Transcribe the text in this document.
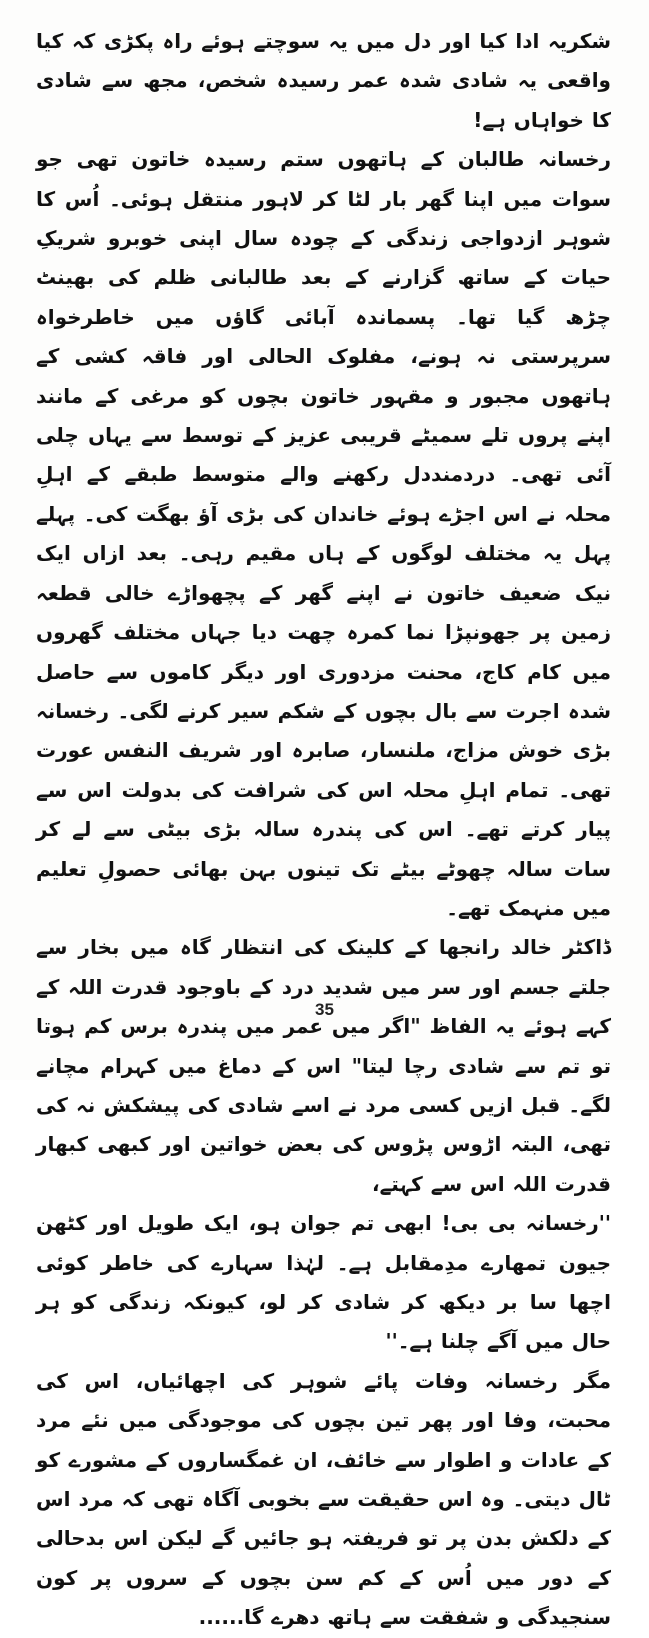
شکریہ ادا کیا اور دل میں یہ سوچتے ہوئے راہ پکڑی کہ کیا واقعی یہ شادی شدہ عمر رسیدہ شخص، مجھ سے شادی کا خواہاں ہے!

رخسانہ طالبان کے ہاتھوں ستم رسیدہ خاتون تھی جو سوات میں اپنا گھر بار لٹا کر لاہور منتقل ہوئی۔ اُس کا شوہر ازدواجی زندگی کے چودہ سال اپنی خوبرو شریکِ حیات کے ساتھ گزارنے کے بعد طالبانی ظلم کی بھینٹ چڑھ گیا تھا۔ پسماندہ آبائی گاؤں میں خاطرخواہ سرپرستی نہ ہونے، مفلوک الحالی اور فاقہ کشی کے ہاتھوں مجبور و مقہور خاتون بچوں کو مرغی کے مانند اپنے پروں تلے سمیٹے قریبی عزیز کے توسط سے یہاں چلی آئی تھی۔ دردمنددل رکھنے والے متوسط طبقے کے اہلِ محلہ نے اس اجڑے ہوئے خاندان کی بڑی آؤ بھگت کی۔ پہلے پہل یہ مختلف لوگوں کے ہاں مقیم رہی۔ بعد ازاں ایک نیک ضعیف خاتون نے اپنے گھر کے پچھواڑے خالی قطعہ زمین پر جھونپڑا نما کمرہ چھت دیا جہاں مختلف گھروں میں کام کاج، محنت مزدوری اور دیگر کاموں سے حاصل شدہ اجرت سے بال بچوں کے شکم سیر کرنے لگی۔ رخسانہ بڑی خوش مزاج، ملنسار، صابرہ اور شریف النفس عورت تھی۔ تمام اہلِ محلہ اس کی شرافت کی بدولت اس سے پیار کرتے تھے۔ اس کی پندرہ سالہ بڑی بیٹی سے لے کر سات سالہ چھوٹے بیٹے تک تینوں بہن بھائی حصولِ تعلیم میں منہمک تھے۔

ڈاکٹر خالد رانجھا کے کلینک کی انتظار گاہ میں بخار سے جلتے جسم اور سر میں شدید درد کے باوجود قدرت اللہ کے کہے ہوئے یہ الفاظ "اگر میں عمر میں پندرہ برس کم ہوتا تو تم سے شادی رچا لیتا" اس کے دماغ میں کہرام مچانے لگے۔ قبل ازیں کسی مرد نے اسے شادی کی پیشکش نہ کی تھی، البتہ اڑوس پڑوس کی بعض خواتین اور کبھی کبھار قدرت اللہ اس سے کہتے،

''رخسانہ بی بی! ابھی تم جوان ہو، ایک طویل اور کٹھن جیون تمھارے مدِمقابل ہے۔ لہٰذا سہارے کی خاطر کوئی اچھا سا بر دیکھ کر شادی کر لو، کیونکہ زندگی کو ہر حال میں آگے چلنا ہے۔''

مگر رخسانہ وفات پائے شوہر کی اچھائیاں، اس کی محبت، وفا اور پھر تین بچوں کی موجودگی میں نئے مرد کے عادات و اطوار سے خائف، ان غمگساروں کے مشورے کو ٹال دیتی۔ وہ اس حقیقت سے بخوبی آگاہ تھی کہ مرد اس کے دلکش بدن پر تو فریفتہ ہو جائیں گے لیکن اس بدحالی کے دور میں اُس کے کم سن بچوں کے سروں پر کون سنجیدگی و شفقت سے ہاتھ دھرے گا......

35
